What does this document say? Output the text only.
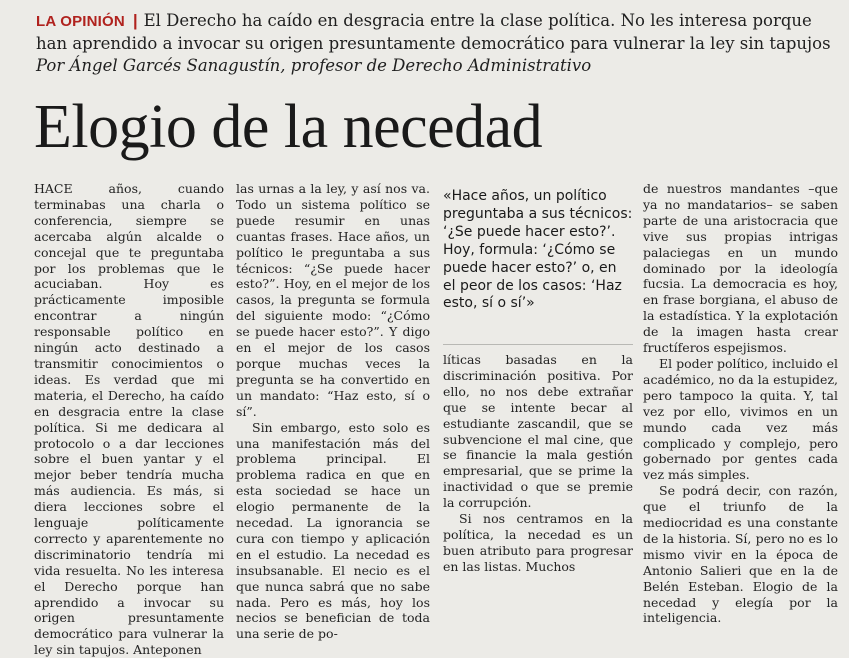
LA OPINIÓN | El Derecho ha caído en desgracia entre la clase política. No les interesa porque
han aprendido a invocar su origen presuntamente democrático para vulnerar la ley sin tapujos
Por Ángel Garcés Sanagustín, profesor de Derecho Administrativo
Elogio de la necedad

HACE años, cuando terminabas una charla o conferencia, siempre se acercaba algún alcalde o concejal que te preguntaba por los problemas que le acuciaban. Hoy es prácticamente imposible encontrar a ningún responsable político en ningún acto destinado a transmitir conocimientos o ideas. Es verdad que mi materia, el Derecho, ha caído en desgracia entre la clase política. Si me dedicara al protocolo o a dar lecciones sobre el buen yantar y el mejor beber tendría mucha más audiencia. Es más, si diera lecciones sobre el lenguaje políticamente correcto y aparentemente no discriminatorio tendría mi vida resuelta. No les interesa el Derecho porque han aprendido a invocar su origen presuntamente democrático para vulnerar la ley sin tapujos. Anteponen

las urnas a la ley, y así nos va. Todo un sistema político se puede resumir en unas cuantas frases. Hace años, un político le preguntaba a sus técnicos: “¿Se puede hacer esto?”. Hoy, en el mejor de los casos, la pregunta se formula del siguiente modo: “¿Cómo se puede hacer esto?”. Y digo en el mejor de los casos porque muchas veces la pregunta se ha convertido en un mandato: “Haz esto, sí o sí”.

Sin embargo, esto solo es una manifestación más del problema principal. El problema radica en que en esta sociedad se hace un elogio permanente de la necedad. La ignorancia se cura con tiempo y aplicación en el estudio. La necedad es insubsanable. El necio es el que nunca sabrá que no sabe nada. Pero es más, hoy los necios se benefician de toda una serie de po-

«Hace años, un político preguntaba a sus técnicos: ‘¿Se puede hacer esto?’. Hoy, formula: ‘¿Cómo se puede hacer esto?’ o, en el peor de los casos: ‘Haz esto, sí o sí’»

líticas basadas en la discriminación positiva. Por ello, no nos debe extrañar que se intente becar al estudiante zascandil, que se subvencione el mal cine, que se financie la mala gestión empresarial, que se prime la inactividad o que se premie la corrupción.

Si nos centramos en la política, la necedad es un buen atributo para progresar en las listas. Muchos

de nuestros mandantes –que ya no mandatarios– se saben parte de una aristocracia que vive sus propias intrigas palaciegas en un mundo dominado por la ideología fucsia. La democracia es hoy, en frase borgiana, el abuso de la estadística. Y la explotación de la imagen hasta crear fructíferos espejismos.

El poder político, incluido el académico, no da la estupidez, pero tampoco la quita. Y, tal vez por ello, vivimos en un mundo cada vez más complicado y complejo, pero gobernado por gentes cada vez más simples.

Se podrá decir, con razón, que el triunfo de la mediocridad es una constante de la historia. Sí, pero no es lo mismo vivir en la época de Antonio Salieri que en la de Belén Esteban. Elogio de la necedad y elegía por la inteligencia.
